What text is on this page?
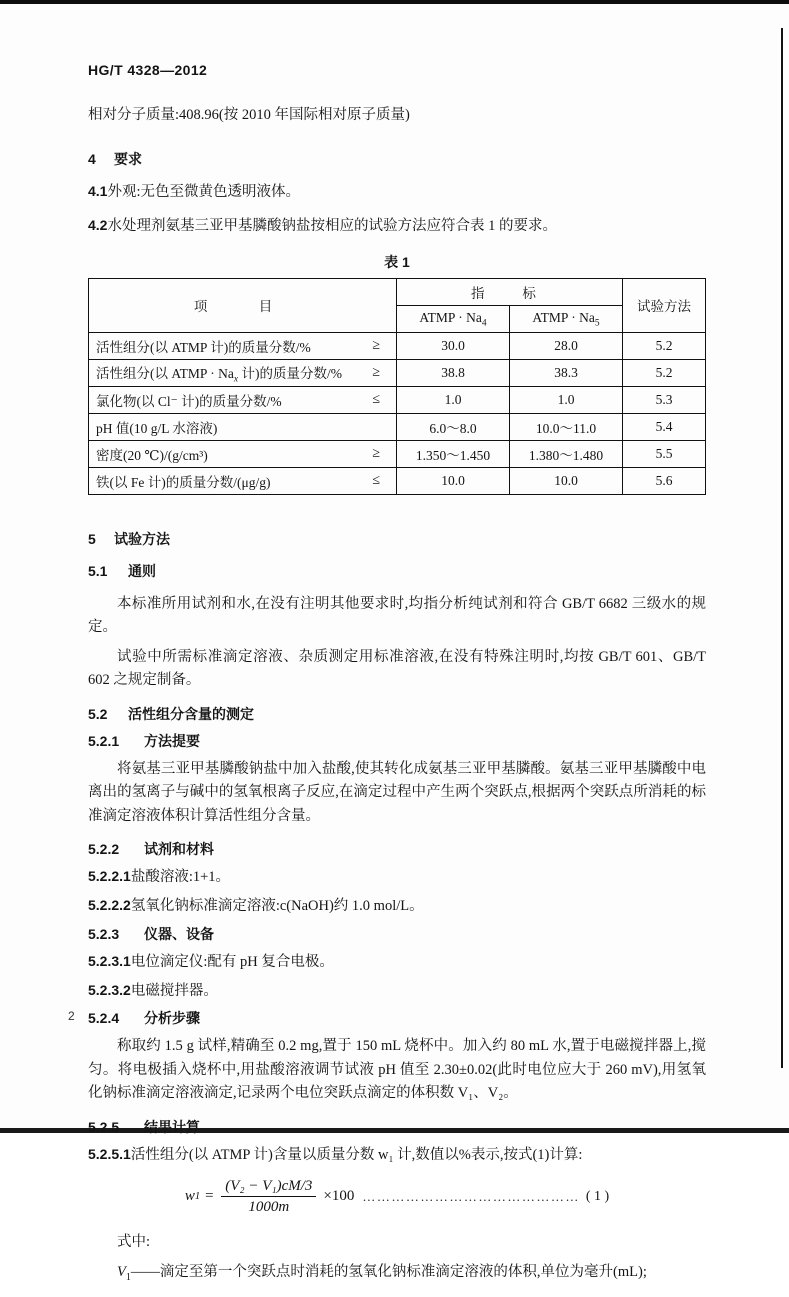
HG/T 4328—2012

相对分子质量:408.96(按 2010 年国际相对原子质量)

4 要求
4.1外观:无色至微黄色透明液体。
4.2水处理剂氨基三亚甲基膦酸钠盐按相应的试验方法应符合表 1 的要求。
表 1
项　目	指　标		试验方法
	ATMP · $Na_4$	ATMP · $Na_5$
活性组分(以 ATMP 计)的质量分数/% ≥	30.0	28.0	5.2
活性组分(以 ATMP · $Na_x$ 计)的质量分数/% ≥	38.8	38.3	5.2
氯化物(以 Cl⁻ 计)的质量分数/% ≤	1.0	1.0	5.3
pH 值(10 g/L 水溶液)	6.0～8.0	10.0～11.0	5.4
密度(20 ℃)/(g/cm³) ≥	1.350～1.450	1.380～1.480	5.5
铁(以 Fe 计)的质量分数/(μg/g) ≤	10.0	10.0	5.6
5 试验方法
5.1 通则

本标准所用试剂和水,在没有注明其他要求时,均指分析纯试剂和符合 GB/T 6682 三级水的规定。

试验中所需标准滴定溶液、杂质测定用标准溶液,在没有特殊注明时,均按 GB/T 601、GB/T 602 之规定制备。

5.2 活性组分含量的测定
5.2.1 方法提要

将氨基三亚甲基膦酸钠盐中加入盐酸,使其转化成氨基三亚甲基膦酸。氨基三亚甲基膦酸中电离出的氢离子与碱中的氢氧根离子反应,在滴定过程中产生两个突跃点,根据两个突跃点所消耗的标准滴定溶液体积计算活性组分含量。

5.2.2 试剂和材料
5.2.2.1盐酸溶液:1+1。
5.2.2.2氢氧化钠标准滴定溶液:c(NaOH)约 1.0 mol/L。
5.2.3 仪器、设备
5.2.3.1电位滴定仪:配有 pH 复合电极。
5.2.3.2电磁搅拌器。
5.2.4 分析步骤

称取约 1.5 g 试样,精确至 0.2 mg,置于 150 mL 烧杯中。加入约 80 mL 水,置于电磁搅拌器上,搅匀。将电极插入烧杯中,用盐酸溶液调节试液 pH 值至 2.30±0.02(此时电位应大于 260 mV),用氢氧化钠标准滴定溶液滴定,记录两个电位突跃点滴定的体积数 V₁、V₂。

5.2.5 结果计算
5.2.5.1活性组分(以 ATMP 计)含量以质量分数 w₁ 计,数值以%表示,按式(1)计算:
w $1 = \frac{\text{(V₂ − V₁)cM/3}}{1000m} \times 100$ ……………………………………… ( 1 )

式中:

$V_1——$滴定至第一个突跃点时消耗的氢氧化钠标准滴定溶液的体积,单位为毫升(mL);

2
